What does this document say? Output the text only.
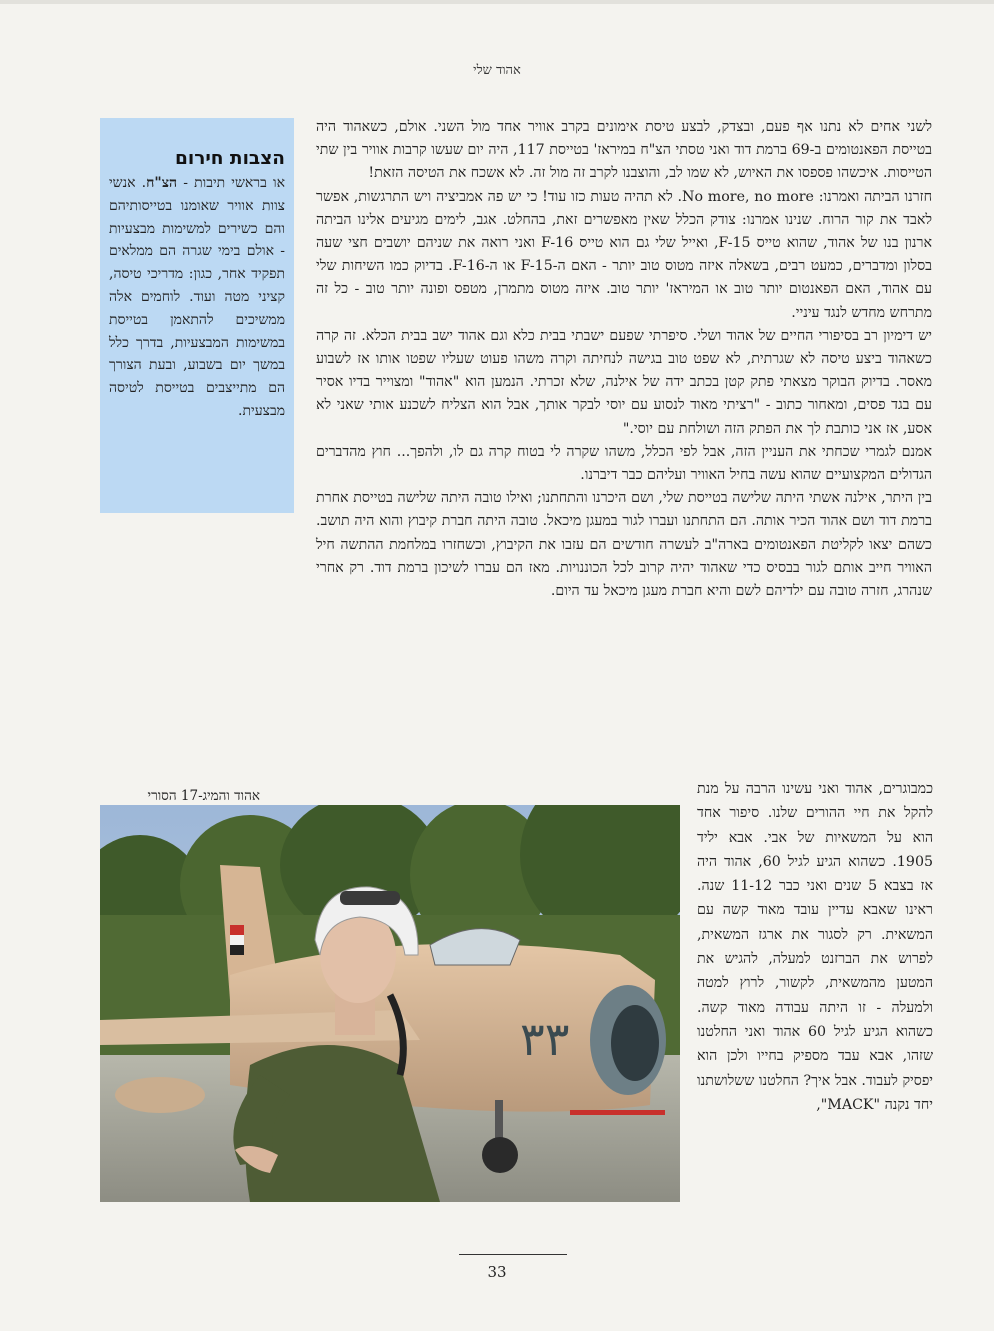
אהוד שלי

לשני אחים לא נתנו אף פעם, ובצדק, לבצע טיסת אימונים בקרב אוויר אחד מול השני. אולם, כשאהוד היה בטייסת הפאנטומים ב-69 ברמת דוד ואני טסתי הצ"ח במיראז' בטייסת 117, היה יום שעשו קרבות אוויר בין שתי הטייסות. איכשהו פספסו את האיוש, לא שמו לב, והוצבנו לקרב זה מול זה. לא אשכח את הטיסה הזאת!

חזרנו הביתה ואמרנו: No more, no more. לא תהיה טעות כזו עוד! כי יש פה אמביציה ויש התרגשות, אפשר לאבד את קור הרוח. שנינו אמרנו: צודק הכלל שאין מאפשרים זאת, בהחלט. אגב, לימים מגיעים אלינו הביתה ארנון בנו של אהוד, שהוא טייס F-15, ואייל שלי גם הוא טייס F-16 ואני רואה את שניהם יושבים חצי שעה בסלון ומדברים, כמעט רבים, בשאלה איזה מטוס טוב יותר - האם ה-F-15 או ה-F-16. בדיוק כמו השיחות שלי עם אהוד, האם הפאנטום יותר טוב או המיראז' יותר טוב. איזה מטוס מתמרן, מטפס ופונה יותר טוב - כל זה מתרחש מחדש לנגד עיניי.

יש דימיון רב בסיפורי החיים של אהוד ושלי. סיפרתי שפעם ישבתי בבית כלא וגם אהוד ישב בבית הכלא. זה קרה כשאהוד ביצע טיסה לא שגרתית, לא שפט טוב בגישה לנחיתה וקרה משהו פעוט שעליו שפטו אותו אז לשבוע מאסר. בדיוק הבוקר מצאתי פתק קטן בכתב ידה של אילנה, שלא זכרתי. הנמען הוא "אהוד" ומצוייר בדיו אסיר עם בגד פסים, ומאחור כתוב - "רציתי מאוד לנסוע עם יוסי לבקר אותך, אבל הוא הצליח לשכנע אותי שאני לא אסע, אז אני כותבת לך את הפתק הזה ושולחת עם יוסי."

אמנם לגמרי שכחתי את העניין הזה, אבל לפי הכלל, משהו שקרה לי בטוח קרה גם לו, ולהפך... חוץ מהדברים הגדולים המקצועיים שהוא עשה בחיל האוויר ועליהם כבר דיברנו.

בין היתר, אילנה אשתי היתה שלישה בטייסת שלי, ושם היכרנו והתחתנו; ואילו טובה היתה שלישה בטייסת אחרת ברמת דוד ושם אהוד הכיר אותה. הם התחתנו ועברו לגור במעגן מיכאל. טובה היתה חברת קיבוץ והוא היה תושב. כשהם יצאו לקליטת הפאנטומים בארה"ב לעשרה חודשים הם עזבו את הקיבוץ, וכשחזרו במלחמת ההתשה חיל האוויר חייב אותם לגור בבסיס כדי שאהוד יהיה קרוב לכל הכוננויות. מאז הם עברו לשיכון ברמת דוד. רק אחרי שנהרג, חזרה טובה עם ילדיהם לשם והיא חברת מעגן מיכאל עד היום.

הצבות חירום
או בראשי תיבות - הצ"ח. אנשי צוות אוויר שאומנו בטייסותיהם והם כשירים למשימות מבצעיות - אולם בימי שגרה הם ממלאים תפקיד אחר, כגון: מדריכי טיסה, קציני מטה ועוד. לוחמים אלה ממשיכים להתאמן בטייסת במשימות המבצעיות, בדרך כלל במשך יום בשבוע, ובעת הצורך הם מתייצבים בטייסת לטיסה מבצעית.
אהוד והמיג-17 הסורי
٣٣

כמבוגרים, אהוד ואני עשינו הרבה על מנת להקל את חיי ההורים שלנו. סיפור אחד הוא על המשאיות של אבי. אבא יליד 1905. כשהוא הגיע לגיל 60, אהוד היה אז בצבא 5 שנים ואני כבר 11-12 שנה. ראינו שאבא עדיין עובד מאוד קשה עם המשאית. רק לסגור את ארגז המשאית, לפרוש את הברזנט למעלה, להגיש את המטען מהמשאית, לקשור, לרוץ למטה ולמעלה - זו היתה עבודה מאוד קשה. כשהוא הגיע לגיל 60 אהוד ואני החלטנו שזהו, אבא עבד מספיק בחייו ולכן הוא יפסיק לעבוד. אבל איך? החלטנו ששלושתנו יחד נקנה "MACK",

33
